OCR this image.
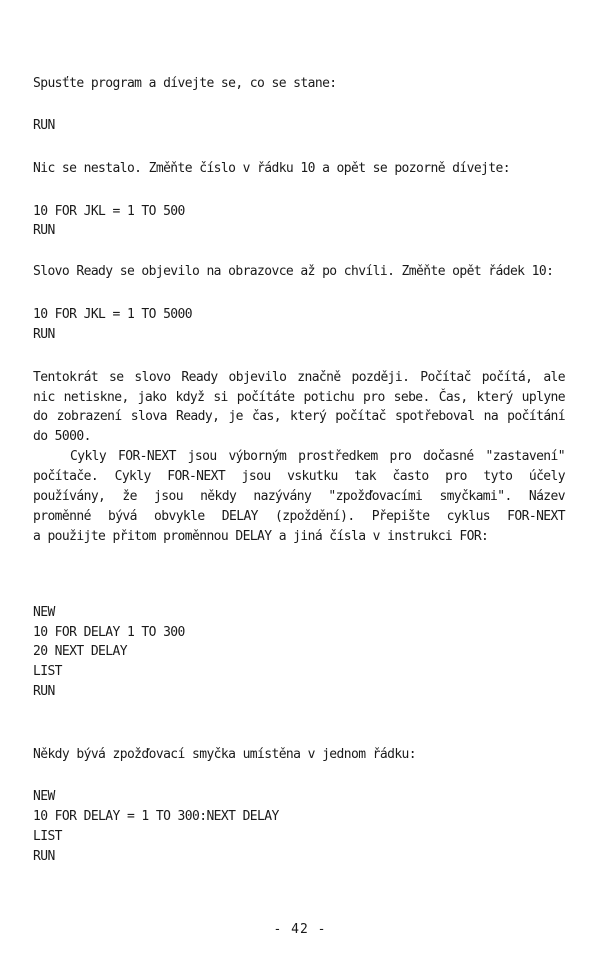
Spusťte program a dívejte se, co se stane:
RUN
Nic se nestalo. Změňte číslo v řádku 10 a opět se pozorně dívejte:
10 FOR JKL = 1 TO 500
RUN
Slovo Ready se objevilo na obrazovce až po chvíli. Změňte opět řádek 10:
10 FOR JKL = 1 TO 5000
RUN
Tentokrát se slovo Ready objevilo značně později. Počítač počítá, ale
nic netiskne, jako když si počítáte potichu pro sebe. Čas, který uplyne
do zobrazení slova Ready, je čas, který počítač spotřeboval na počítání
do 5000.
Cykly FOR-NEXT jsou výborným prostředkem pro dočasné "zastavení"
počítače. Cykly FOR-NEXT jsou vskutku tak často pro tyto účely
používány, že jsou někdy nazývány "zpožďovacími smyčkami". Název
proměnné bývá obvykle DELAY (zpoždění). Přepište cyklus FOR-NEXT
a použijte přitom proměnnou DELAY a jiná čísla v instrukci FOR:
NEW
10 FOR DELAY 1 TO 300
20 NEXT DELAY
LIST
RUN
Někdy bývá zpožďovací smyčka umístěna v jednom řádku:
NEW
10 FOR DELAY = 1 TO 300:NEXT DELAY
LIST
RUN
- 42 -
